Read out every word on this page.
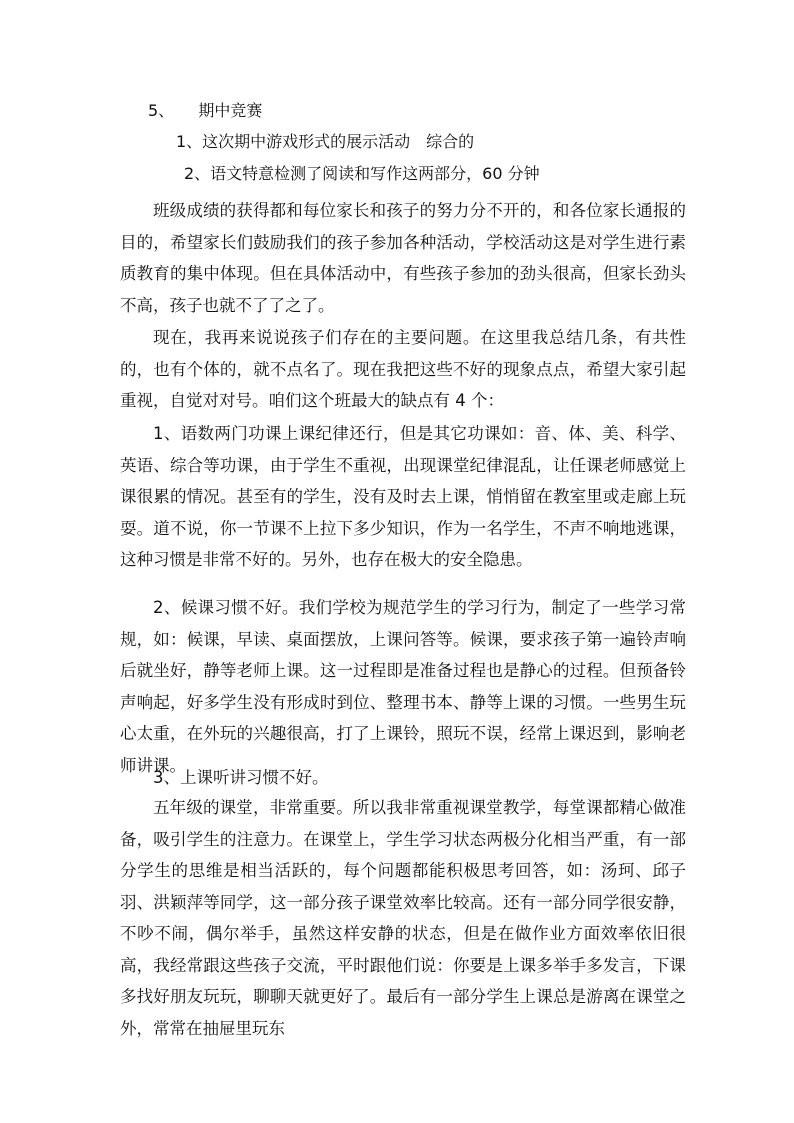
5、 期中竞赛
1、这次期中游戏形式的展示活动　综合的
2、语文特意检测了阅读和写作这两部分，60 分钟

班级成绩的获得都和每位家长和孩子的努力分不开的，和各位家长通报的目的，希望家长们鼓励我们的孩子参加各种活动，学校活动这是对学生进行素质教育的集中体现。但在具体活动中，有些孩子参加的劲头很高，但家长劲头不高，孩子也就不了了之了。

现在，我再来说说孩子们存在的主要问题。在这里我总结几条，有共性的，也有个体的，就不点名了。现在我把这些不好的现象点点，希望大家引起重视，自觉对对号。咱们这个班最大的缺点有 4 个：

1、语数两门功课上课纪律还行，但是其它功课如：音、体、美、科学、英语、综合等功课，由于学生不重视，出现课堂纪律混乱，让任课老师感觉上课很累的情况。甚至有的学生，没有及时去上课，悄悄留在教室里或走廊上玩耍。道不说，你一节课不上拉下多少知识，作为一名学生，不声不响地逃课，这种习惯是非常不好的。另外，也存在极大的安全隐患。

2、候课习惯不好。我们学校为规范学生的学习行为，制定了一些学习常规，如：候课，早读、桌面摆放，上课问答等。候课，要求孩子第一遍铃声响后就坐好，静等老师上课。这一过程即是准备过程也是静心的过程。但预备铃声响起，好多学生没有形成时到位、整理书本、静等上课的习惯。一些男生玩心太重，在外玩的兴趣很高，打了上课铃，照玩不误，经常上课迟到，影响老师讲课。

3、上课听讲习惯不好。

五年级的课堂，非常重要。所以我非常重视课堂教学，每堂课都精心做准备，吸引学生的注意力。在课堂上，学生学习状态两极分化相当严重，有一部分学生的思维是相当活跃的，每个问题都能积极思考回答，如：汤珂、邱子羽、洪颖萍等同学，这一部分孩子课堂效率比较高。还有一部分同学很安静，不吵不闹，偶尔举手，虽然这样安静的状态，但是在做作业方面效率依旧很高，我经常跟这些孩子交流，平时跟他们说：你要是上课多举手多发言，下课多找好朋友玩玩，聊聊天就更好了。最后有一部分学生上课总是游离在课堂之外，常常在抽屉里玩东
